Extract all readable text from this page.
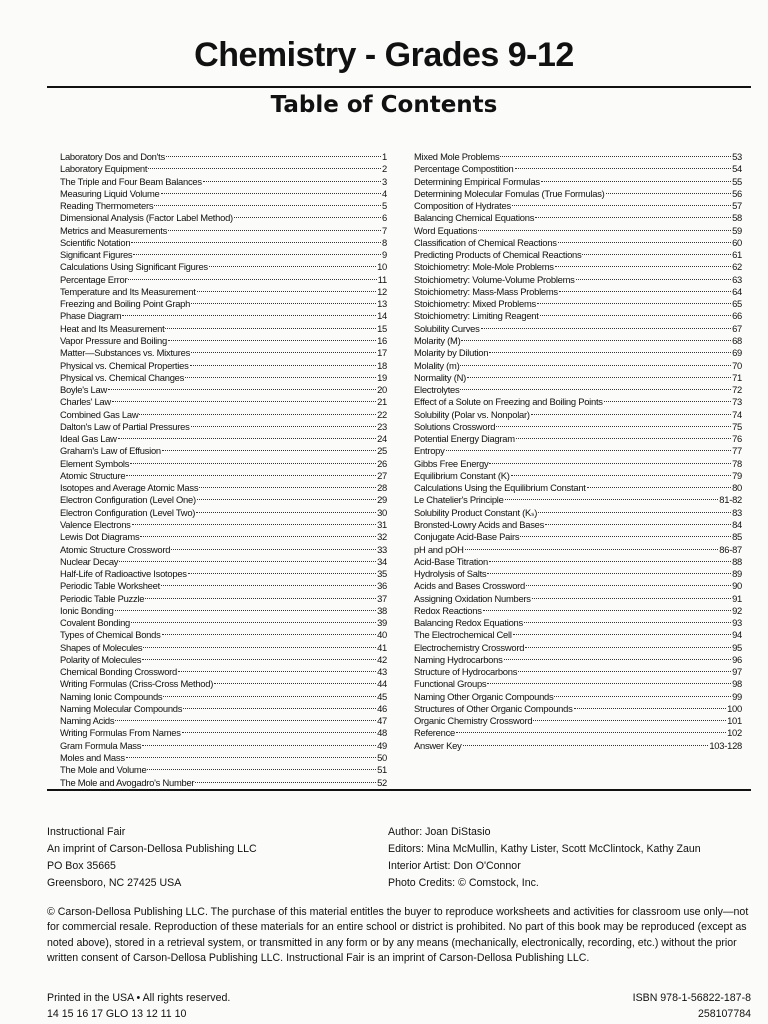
Chemistry - Grades 9-12
Table of Contents
Laboratory Dos and Don'ts	1
Laboratory Equipment	2
The Triple and Four Beam Balances	3
Measuring Liquid Volume	4
Reading Thermometers	5
Dimensional Analysis (Factor Label Method)	6
Metrics and Measurements	7
Scientific Notation	8
Significant Figures	9
Calculations Using Significant Figures	10
Percentage Error	11
Temperature and Its Measurement	12
Freezing and Boiling Point Graph	13
Phase Diagram	14
Heat and Its Measurement	15
Vapor Pressure and Boiling	16
Matter—Substances vs. Mixtures	17
Physical vs. Chemical Properties	18
Physical vs. Chemical Changes	19
Boyle's Law	20
Charles' Law	21
Combined Gas Law	22
Dalton's Law of Partial Pressures	23
Ideal Gas Law	24
Graham's Law of Effusion	25
Element Symbols	26
Atomic Structure	27
Isotopes and Average Atomic Mass	28
Electron Configuration (Level One)	29
Electron Configuration (Level Two)	30
Valence Electrons	31
Lewis Dot Diagrams	32
Atomic Structure Crossword	33
Nuclear Decay	34
Half-Life of Radioactive Isotopes	35
Periodic Table Worksheet	36
Periodic Table Puzzle	37
Ionic Bonding	38
Covalent Bonding	39
Types of Chemical Bonds	40
Shapes of Molecules	41
Polarity of Molecules	42
Chemical Bonding Crossword	43
Writing Formulas (Criss-Cross Method)	44
Naming Ionic Compounds	45
Naming Molecular Compounds	46
Naming Acids	47
Writing Formulas From Names	48
Gram Formula Mass	49
Moles and Mass	50
The Mole and Volume	51
The Mole and Avogadro's Number	52
Mixed Mole Problems	53
Percentage Compostition	54
Determining Empirical Formulas	55
Determining Molecular Fomulas (True Formulas)	56
Composition of Hydrates	57
Balancing Chemical Equations	58
Word Equations	59
Classification of Chemical Reactions	60
Predicting Products of Chemical Reactions	61
Stoichiometry: Mole-Mole Problems	62
Stoichiometry: Volume-Volume Problems	63
Stoichiometry: Mass-Mass Problems	64
Stoichiometry: Mixed Problems	65
Stoichiometry: Limiting Reagent	66
Solubility Curves	67
Molarity (M)	68
Molarity by Dilution	69
Molality (m)	70
Normality (N)	71
Electrolytes	72
Effect of a Solute on Freezing and Boiling Points	73
Solubility (Polar vs. Nonpolar)	74
Solutions Crossword	75
Potential Energy Diagram	76
Entropy	77
Gibbs Free Energy	78
Equilibrium Constant (K)	79
Calculations Using the Equilibrium Constant	80
Le Chatelier's Principle	81-82
Solubility Product Constant (Kₛ)	83
Bronsted-Lowry Acids and Bases	84
Conjugate Acid-Base Pairs	85
pH and pOH	86-87
Acid-Base Titration	88
Hydrolysis of Salts	89
Acids and Bases Crossword	90
Assigning Oxidation Numbers	91
Redox Reactions	92
Balancing Redox Equations	93
The Electrochemical Cell	94
Electrochemistry Crossword	95
Naming Hydrocarbons	96
Structure of Hydrocarbons	97
Functional Groups	98
Naming Other Organic Compounds	99
Structures of Other Organic Compounds	100
Organic Chemistry Crossword	101
Reference	102
Answer Key	103-128
Instructional Fair
An imprint of Carson-Dellosa Publishing LLC
PO Box 35665
Greensboro, NC 27425 USA
Author: Joan DiStasio
Editors: Mina McMullin, Kathy Lister, Scott McClintock, Kathy Zaun
Interior Artist: Don O'Connor
Photo Credits: © Comstock, Inc.
© Carson-Dellosa Publishing LLC. The purchase of this material entitles the buyer to reproduce worksheets and activities for classroom use only—not for commercial resale. Reproduction of these materials for an entire school or district is prohibited. No part of this book may be reproduced (except as noted above), stored in a retrieval system, or transmitted in any form or by any means (mechanically, electronically, recording, etc.) without the prior written consent of Carson-Dellosa Publishing LLC. Instructional Fair is an imprint of Carson-Dellosa Publishing LLC.
Printed in the USA • All rights reserved.
14 15 16 17 GLO 13 12 11 10
ISBN 978-1-56822-187-8
258107784
